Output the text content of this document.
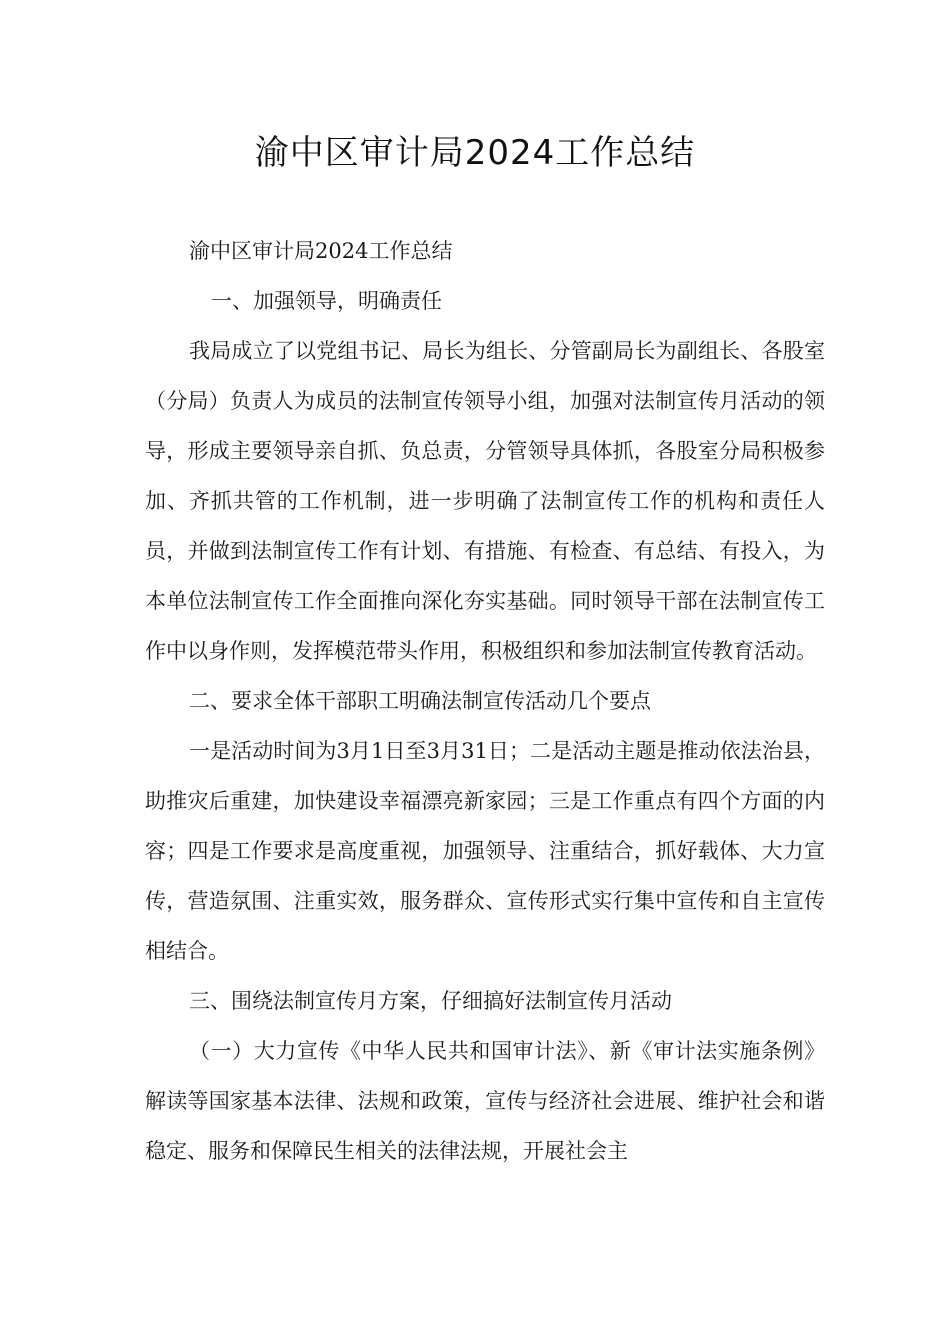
渝中区审计局2024工作总结

渝中区审计局2024工作总结

一、加强领导，明确责任

我局成立了以党组书记、局长为组长、分管副局长为副组长、各股室（分局）负责人为成员的法制宣传领导小组，加强对法制宣传月活动的领导，形成主要领导亲自抓、负总责，分管领导具体抓，各股室分局积极参加、齐抓共管的工作机制，进一步明确了法制宣传工作的机构和责任人员，并做到法制宣传工作有计划、有措施、有检查、有总结、有投入，为本单位法制宣传工作全面推向深化夯实基础。同时领导干部在法制宣传工作中以身作则，发挥模范带头作用，积极组织和参加法制宣传教育活动。

二、要求全体干部职工明确法制宣传活动几个要点

一是活动时间为3月1日至3月31日；二是活动主题是推动依法治县，助推灾后重建，加快建设幸福漂亮新家园；三是工作重点有四个方面的内容；四是工作要求是高度重视，加强领导、注重结合，抓好载体、大力宣传，营造氛围、注重实效，服务群众、宣传形式实行集中宣传和自主宣传相结合。

三、围绕法制宣传月方案，仔细搞好法制宣传月活动

（一）大力宣传《中华人民共和国审计法》、新《审计法实施条例》解读等国家基本法律、法规和政策，宣传与经济社会进展、维护社会和谐稳定、服务和保障民生相关的法律法规，开展社会主
